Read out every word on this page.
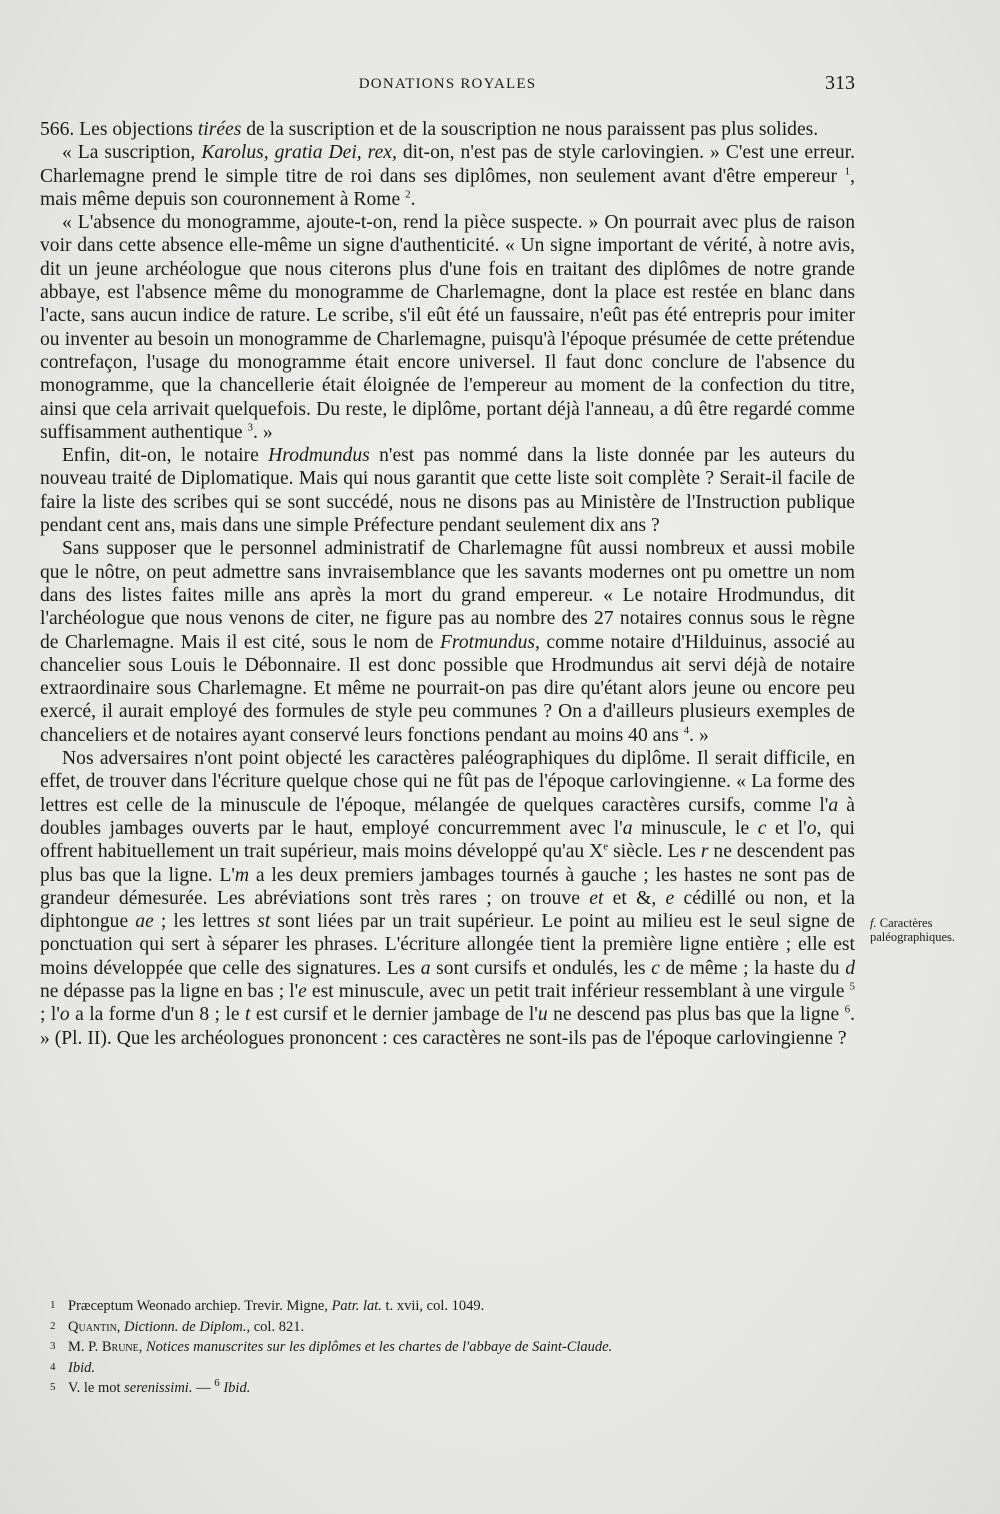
DONATIONS ROYALES	313

566. Les objections tirées de la suscription et de la souscription ne nous paraissent pas plus solides.

« La suscription, Karolus, gratia Dei, rex, dit-on, n'est pas de style carlovingien. » C'est une erreur. Charlemagne prend le simple titre de roi dans ses diplômes, non seulement avant d'être empereur $^1$, mais même depuis son couronnement à Rome $^2$.

« L'absence du monogramme, ajoute-t-on, rend la pièce suspecte. » On pourrait avec plus de raison voir dans cette absence elle-même un signe d'authenticité. « Un signe important de vérité, à notre avis, dit un jeune archéologue que nous citerons plus d'une fois en traitant des diplômes de notre grande abbaye, est l'absence même du monogramme de Charlemagne, dont la place est restée en blanc dans l'acte, sans aucun indice de rature. Le scribe, s'il eût été un faussaire, n'eût pas été entrepris pour imiter ou inventer au besoin un monogramme de Charlemagne, puisqu'à l'époque présumée de cette prétendue contrefaçon, l'usage du monogramme était encore universel. Il faut donc conclure de l'absence du monogramme, que la chancellerie était éloignée de l'empereur au moment de la confection du titre, ainsi que cela arrivait quelquefois. Du reste, le diplôme, portant déjà l'anneau, a dû être regardé comme suffisamment authentique $^3$. »

Enfin, dit-on, le notaire Hrodmundus n'est pas nommé dans la liste donnée par les auteurs du nouveau traité de Diplomatique. Mais qui nous garantit que cette liste soit complète ? Serait-il facile de faire la liste des scribes qui se sont succédé, nous ne disons pas au Ministère de l'Instruction publique pendant cent ans, mais dans une simple Préfecture pendant seulement dix ans ?

Sans supposer que le personnel administratif de Charlemagne fût aussi nombreux et aussi mobile que le nôtre, on peut admettre sans invraisemblance que les savants modernes ont pu omettre un nom dans des listes faites mille ans après la mort du grand empereur. « Le notaire Hrodmundus, dit l'archéologue que nous venons de citer, ne figure pas au nombre des 27 notaires connus sous le règne de Charlemagne. Mais il est cité, sous le nom de Frotmundus, comme notaire d'Hilduinus, associé au chancelier sous Louis le Débonnaire. Il est donc possible que Hrodmundus ait servi déjà de notaire extraordinaire sous Charlemagne. Et même ne pourrait-on pas dire qu'étant alors jeune ou encore peu exercé, il aurait employé des formules de style peu communes ? On a d'ailleurs plusieurs exemples de chanceliers et de notaires ayant conservé leurs fonctions pendant au moins 40 ans $^4$. »

Nos adversaires n'ont point objecté les caractères paléographiques du diplôme. Il serait difficile, en effet, de trouver dans l'écriture quelque chose qui ne fût pas de l'époque carlovingienne. « La forme des lettres est celle de la minuscule de l'époque, mélangée de quelques caractères cursifs, comme l'a à doubles jambages ouverts par le haut, employé concurremment avec l'a minuscule, le c et l'o, qui offrent habituellement un trait supérieur, mais moins développé qu'au Xe siècle. Les r ne descendent pas plus bas que la ligne. L'm a les deux premiers jambages tournés à gauche ; les hastes ne sont pas de grandeur démesurée. Les abréviations sont très rares ; on trouve et et &, e cédillé ou non, et la diphtongue ae ; les lettres st sont liées par un trait supérieur. Le point au milieu est le seul signe de ponctuation qui sert à séparer les phrases. L'écriture allongée tient la première ligne entière ; elle est moins développée que celle des signatures. Les a sont cursifs et ondulés, les c de même ; la haste du d ne dépasse pas la ligne en bas ; l'e est minuscule, avec un petit trait inférieur ressemblant à une virgule $^5$ ; l'o a la forme d'un 8 ; le t est cursif et le dernier jambage de l'u ne descend pas plus bas que la ligne $^6$. » (Pl. II). Que les archéologues prononcent : ces caractères ne sont-ils pas de l'époque carlovingienne ?

f. Caractères paléographiques.
1 Præceptum Weonado archiep. Trevir. Migne, Patr. lat. t. xvii, col. 1049.
2 Quantin, Dictionn. de Diplom., col. 821.
3 M. P. Brune, Notices manuscrites sur les diplômes et les chartes de l'abbaye de Saint-Claude.
4 Ibid.
5 V. le mot serenissimi. — $^6$ Ibid.
